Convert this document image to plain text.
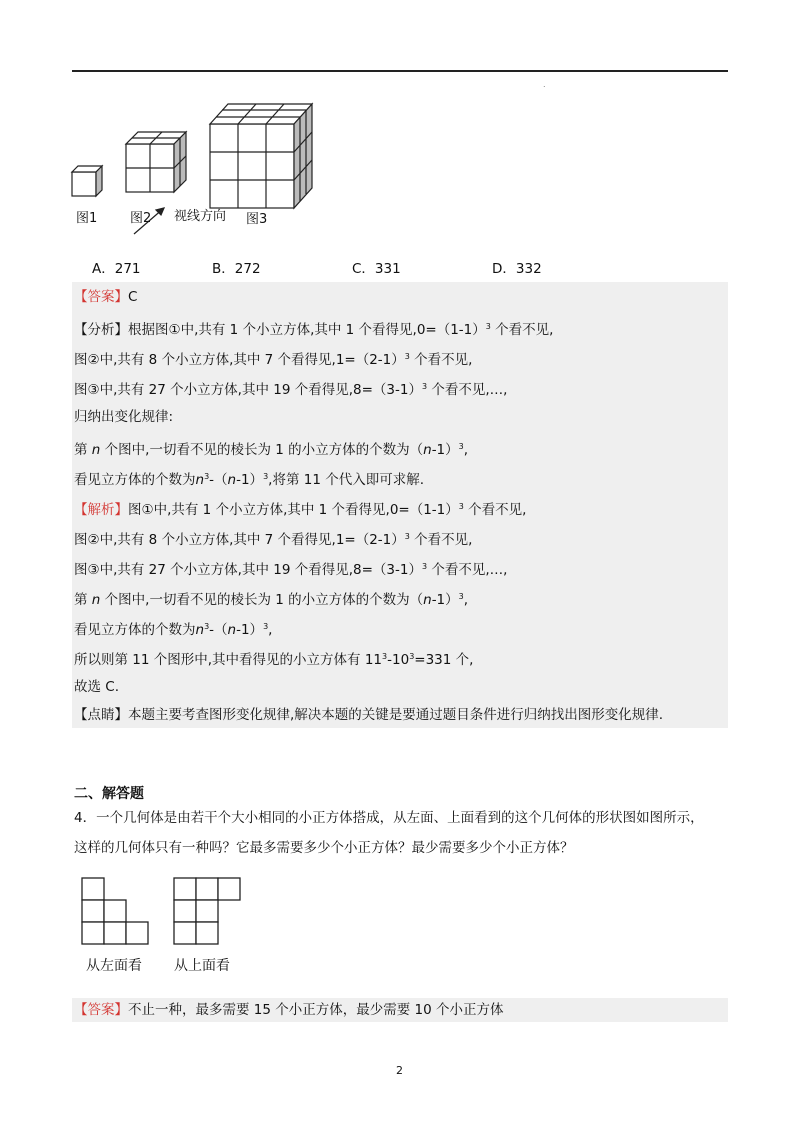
.
图1	图2 视线方向 图3
A．271	B．272	C．331	D．332
【答案】C
【分析】根据图①中,共有 1 个小立方体,其中 1 个看得见$,0=(1-1)^3$ 个看不见,
图②中,共有 8 个小立方体,其中 7 个看得见$,1=(2-1)^3$ 个看不见,
图③中,共有 27 个小立方体,其中 19 个看得见$,8=(3-1)^3$ 个看不见,…,
归纳出变化规律:
第 n 个图中,一切看不见的棱长为 1 的小立方体的个数为$(n-1)^3$,
看见立方体的个数为$n^3-(n-1)^3$,将第 11 个代入即可求解.
【解析】图①中,共有 1 个小立方体,其中 1 个看得见$,0=(1-1)^3$ 个看不见,
图②中,共有 8 个小立方体,其中 7 个看得见$,1=(2-1)^3$ 个看不见,
图③中,共有 27 个小立方体,其中 19 个看得见$,8=(3-1)^3$ 个看不见,…,
第 n 个图中,一切看不见的棱长为 1 的小立方体的个数为$(n-1)^3$,
看见立方体的个数为$n^3-(n-1)^3$,
所以则第 11 个图形中,其中看得见的小立方体有 $11^3-10^3=331$ 个,
故选 C.
【点睛】本题主要考查图形变化规律,解决本题的关键是要通过题目条件进行归纳找出图形变化规律.
二、解答题
4．一个几何体是由若干个大小相同的小正方体搭成，从左面、上面看到的这个几何体的形状图如图所示，
这样的几何体只有一种吗？它最多需要多少个小正方体？最少需要多少个小正方体？
从左面看 从上面看
【答案】不止一种，最多需要 15 个小正方体，最少需要 10 个小正方体
2
